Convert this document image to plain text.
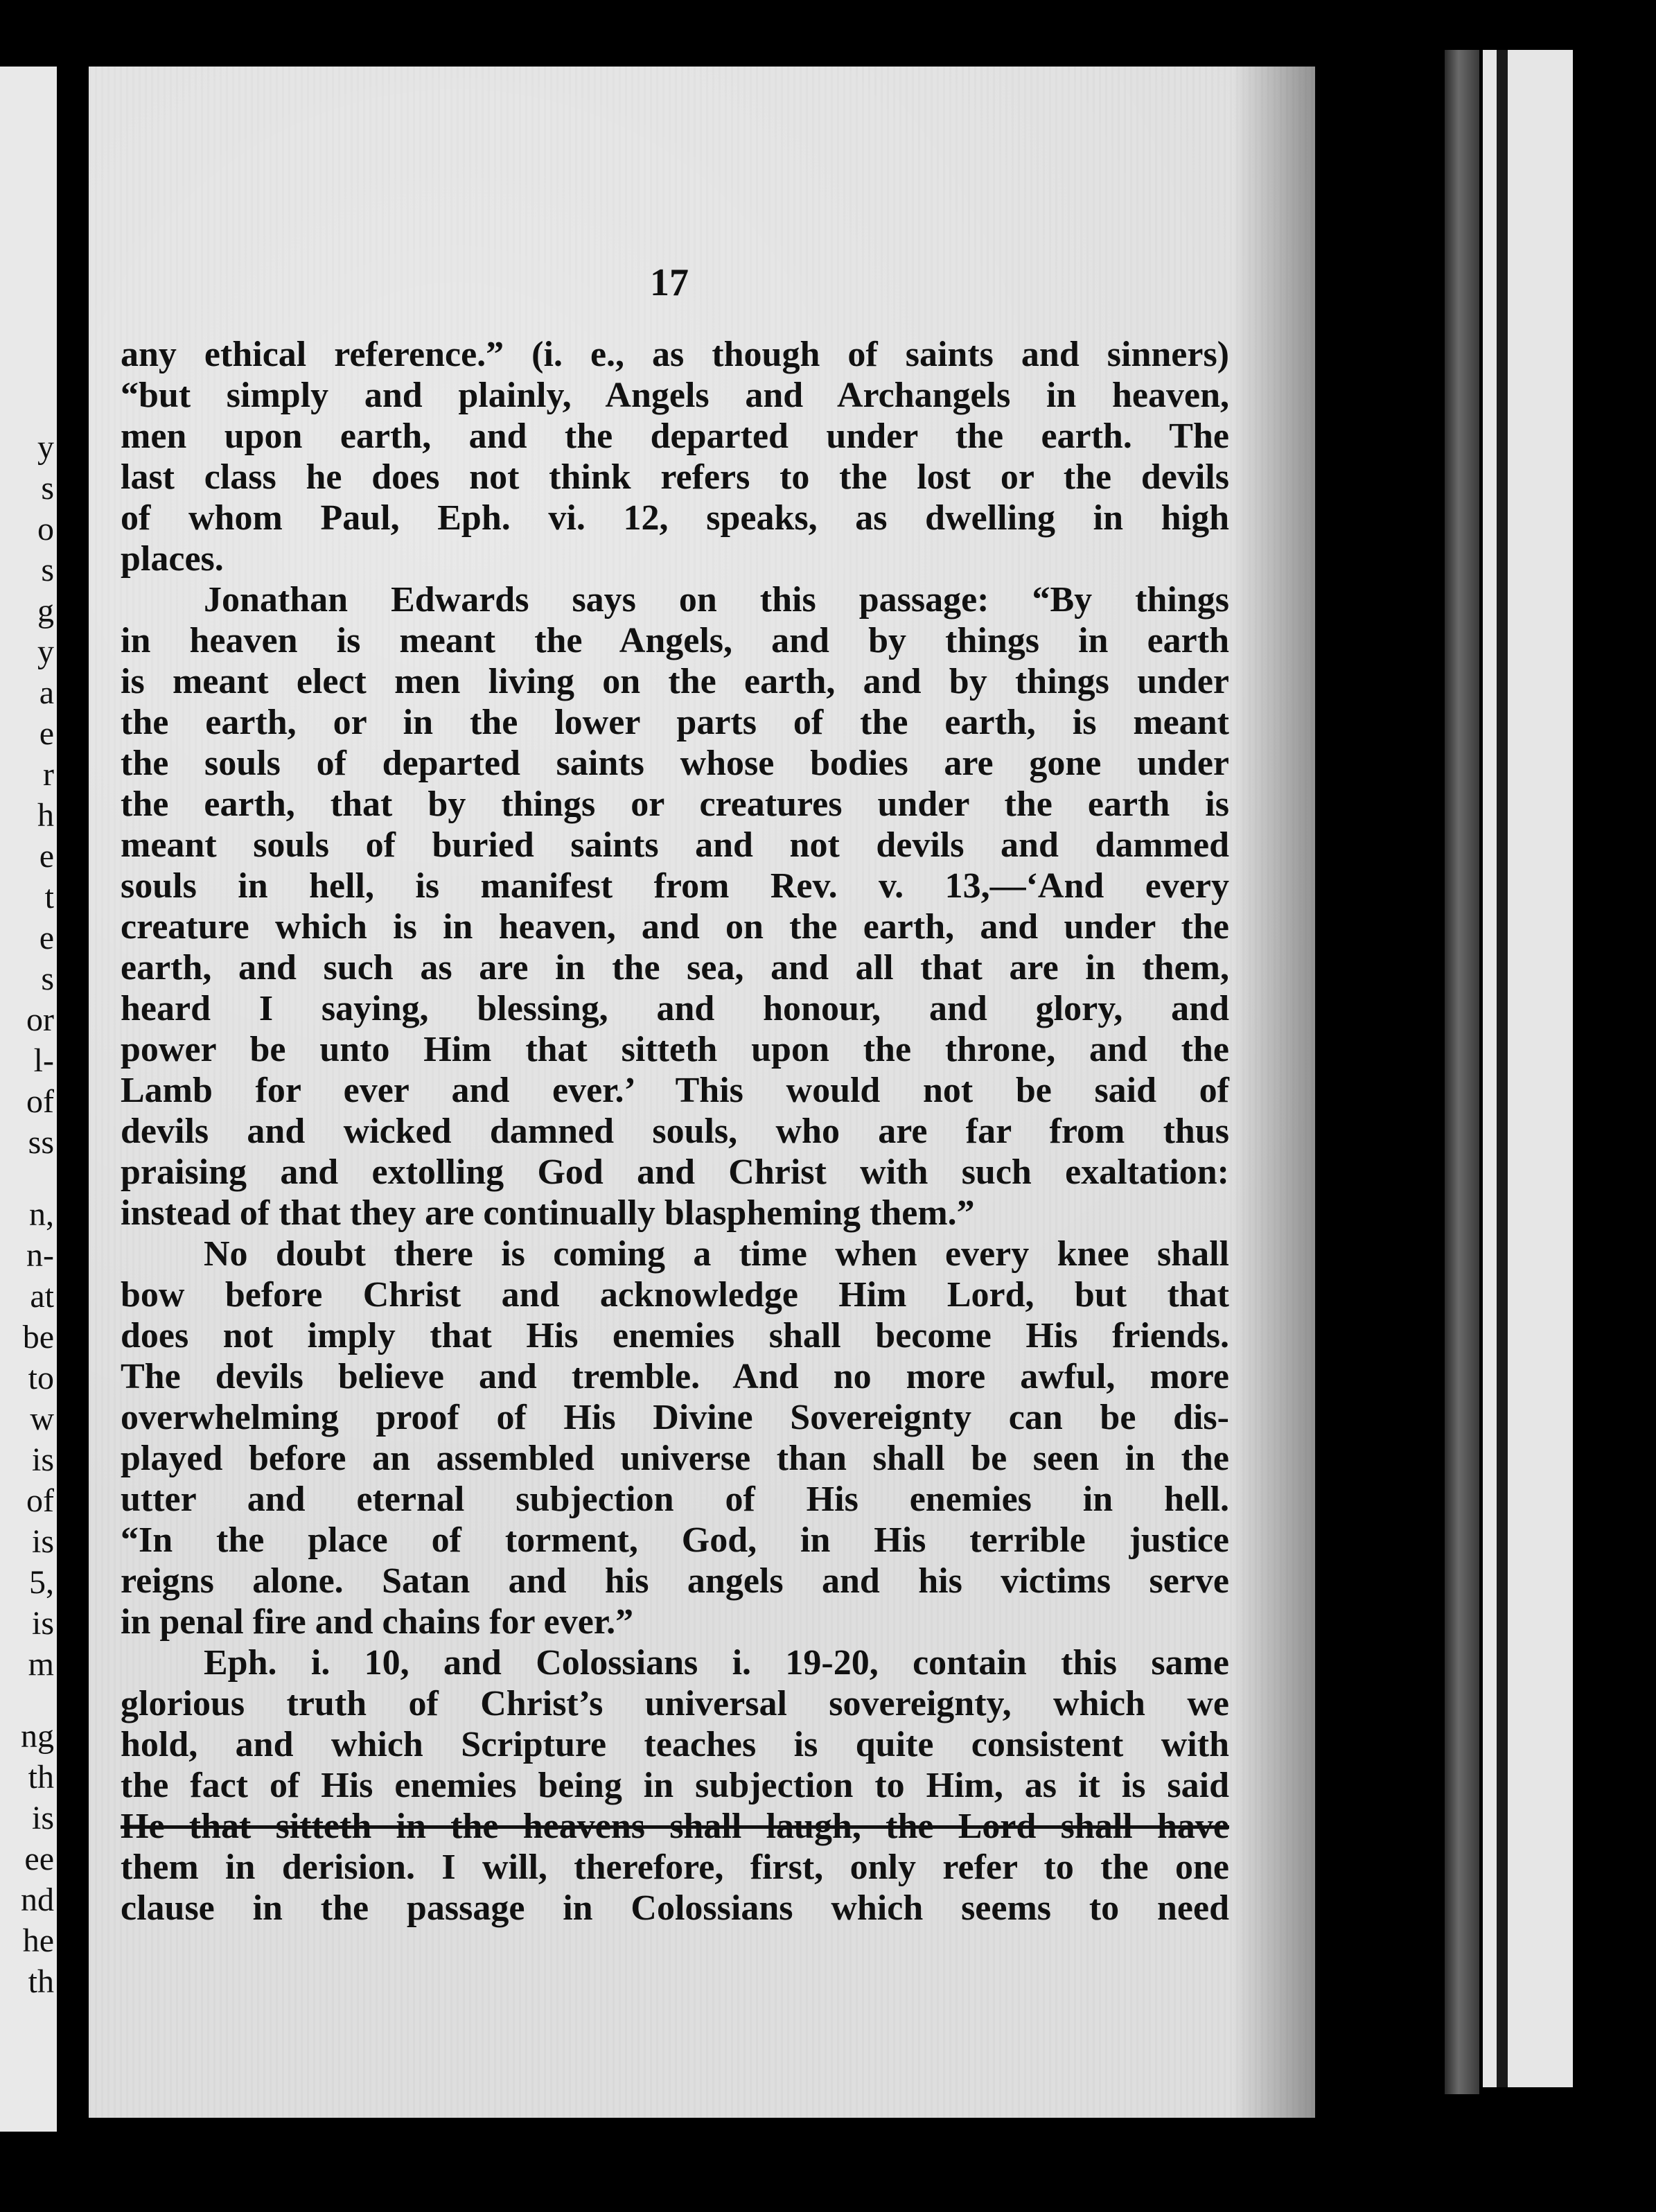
y
s
o
s
g
y
a
e
r
h
e
t
e
s
or
l-
of
ss
n,
n-
at
be
to
w
is
of
is
5,
is
m
ng
th
is
ee
nd
he
th
17
any ethical reference.” (i. e., as though of saints and sinners)
“but simply and plainly, Angels and Archangels in heaven,
men upon earth, and the departed under the earth. The
last class he does not think refers to the lost or the devils
of whom Paul, Eph. vi. 12, speaks, as dwelling in high
places.
Jonathan Edwards says on this passage: “By things
in heaven is meant the Angels, and by things in earth
is meant elect men living on the earth, and by things under
the earth, or in the lower parts of the earth, is meant
the souls of departed saints whose bodies are gone under
the earth, that by things or creatures under the earth is
meant souls of buried saints and not devils and dammed
souls in hell, is manifest from Rev. v. 13,—‘And every
creature which is in heaven, and on the earth, and under the
earth, and such as are in the sea, and all that are in them,
heard I saying, blessing, and honour, and glory, and
power be unto Him that sitteth upon the throne, and the
Lamb for ever and ever.’ This would not be said of
devils and wicked damned souls, who are far from thus
praising and extolling God and Christ with such exaltation:
instead of that they are continually blaspheming them.”
No doubt there is coming a time when every knee shall
bow before Christ and acknowledge Him Lord, but that
does not imply that His enemies shall become His friends.
The devils believe and tremble. And no more awful, more
overwhelming proof of His Divine Sovereignty can be dis-
played before an assembled universe than shall be seen in the
utter and eternal subjection of His enemies in hell.
“In the place of torment, God, in His terrible justice
reigns alone. Satan and his angels and his victims serve
in penal fire and chains for ever.”
Eph. i. 10, and Colossians i. 19-20, contain this same
glorious truth of Christ’s universal sovereignty, which we
hold, and which Scripture teaches is quite consistent with
the fact of His enemies being in subjection to Him, as it is said
He that sitteth in the heavens shall laugh, the Lord shall have
them in derision. I will, therefore, first, only refer to the one
clause in the passage in Colossians which seems to need
